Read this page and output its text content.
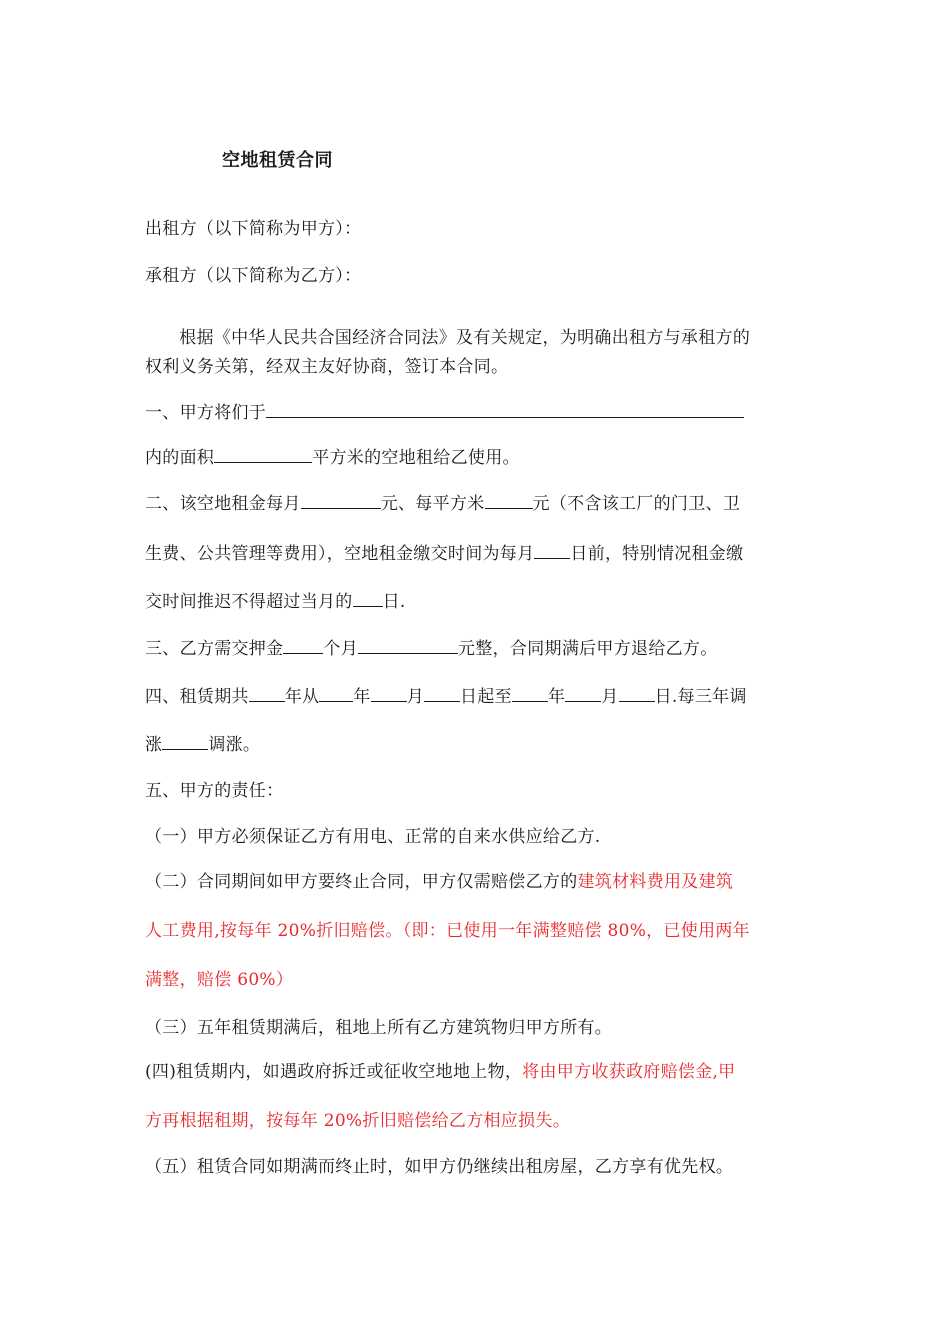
空地租赁合同
出租方（以下简称为甲方）：
承租方（以下简称为乙方）：

根据《中华人民共合国经济合同法》及有关规定，为明确出租方与承租方的

权利义务关第，经双主友好协商，签订本合同。
一、甲方将们于
内的面积	平方米的空地租给乙使用。
二、该空地租金每月	元、每平方米	元（不含该工厂的门卫、卫
生费、公共管理等费用），空地租金缴交时间为每月 日前，特别情况租金缴
交时间推迟不得超过当月的 日.
三、乙方需交押金 个月	元整，合同期满后甲方退给乙方。
四、租赁期共 年从 年 月 日起至 年 月 日.每三年调
涨	调涨。
五、甲方的责任：
（一）甲方必须保证乙方有用电、正常的自来水供应给乙方.
（二）合同期间如甲方要终止合同，甲方仅需赔偿乙方的建筑材料费用及建筑
人工费用,按每年 20%折旧赔偿。（即：已使用一年满整赔偿 80%，已使用两年
满整，赔偿 60%）
（三）五年租赁期满后，租地上所有乙方建筑物归甲方所有。
(四)租赁期内，如遇政府拆迁或征收空地地上物，将由甲方收获政府赔偿金,甲
方再根据租期，按每年 20%折旧赔偿给乙方相应损失。
（五）租赁合同如期满而终止时，如甲方仍继续出租房屋，乙方享有优先权。
